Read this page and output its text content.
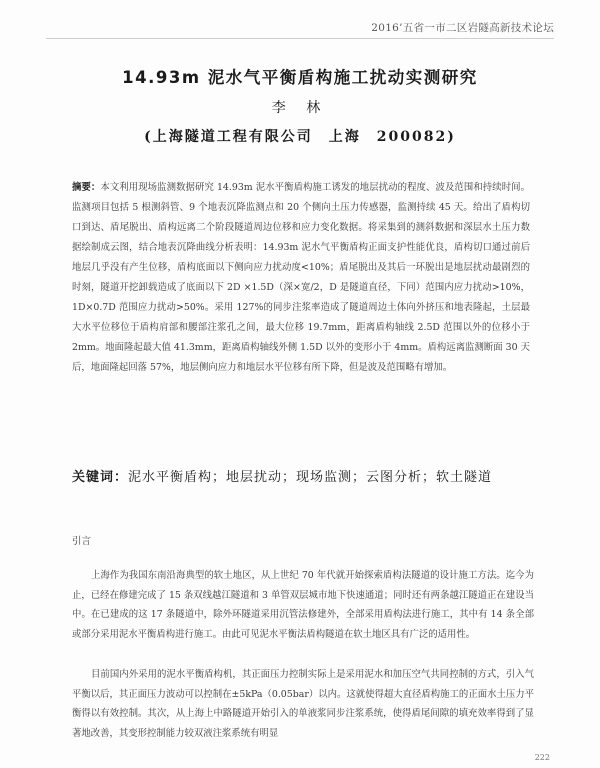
2016’五省一市二区岩隧高新技术论坛
14.93m 泥水气平衡盾构施工扰动实测研究
李 林
(上海隧道工程有限公司　上海　200082)
摘要：本文利用现场监测数据研究 14.93m 泥水平衡盾构施工诱发的地层扰动的程度、波及范围和持续时间。监测项目包括 5 根测斜管、9 个地表沉降监测点和 20 个侧向土压力传感器，监测持续 45 天。给出了盾构切口到达、盾尾脱出、盾构远离二个阶段隧道周边位移和应力变化数据。将采集到的测斜数据和深层水土压力数据绘制成云图，结合地表沉降曲线分析表明：14.93m 泥水气平衡盾构正面支护性能优良，盾构切口通过前后地层几乎没有产生位移，盾构底面以下侧向应力扰动度<10%；盾尾脱出及其后一环脱出是地层扰动最剧烈的时刻，隧道开挖卸载造成了底面以下 2D ×1.5D（深×宽/2，D 是隧道直径，下同）范围内应力扰动>10%，1D×0.7D 范围应力扰动>50%。采用 127%的同步注浆率造成了隧道周边土体向外挤压和地表隆起，土层最大水平位移位于盾构肩部和腰部注浆孔之间，最大位移 19.7mm，距离盾构轴线 2.5D 范围以外的位移小于 2mm。地面隆起最大值 41.3mm，距离盾构轴线外侧 1.5D 以外的变形小于 4mm。盾构远离监测断面 30 天后，地面隆起回落 57%，地层侧向应力和地层水平位移有所下降，但是波及范围略有增加。
关键词：泥水平衡盾构；地层扰动；现场监测；云图分析；软土隧道
引言

上海作为我国东南沿海典型的软土地区，从上世纪 70 年代就开始探索盾构法隧道的设计施工方法。迄今为止，已经在修建完成了 15 条双线越江隧道和 3 单管双层城市地下快速通道；同时还有两条越江隧道正在建设当中。在已建成的这 17 条隧道中，除外环隧道采用沉管法修建外，全部采用盾构法进行施工，其中有 14 条全部或部分采用泥水平衡盾构进行施工。由此可见泥水平衡法盾构隧道在软土地区具有广泛的适用性。

目前国内外采用的泥水平衡盾构机，其正面压力控制实际上是采用泥水和加压空气共同控制的方式，引入气平衡以后，其正面压力波动可以控制在±5kPa（0.05bar）以内。这就使得超大直径盾构施工的正面水土压力平衡得以有效控制。其次，从上海上中路隧道开始引入的单液浆同步注浆系统，使得盾尾间隙的填充效率得到了显著地改善，其变形控制能力较双液注浆系统有明显

222
